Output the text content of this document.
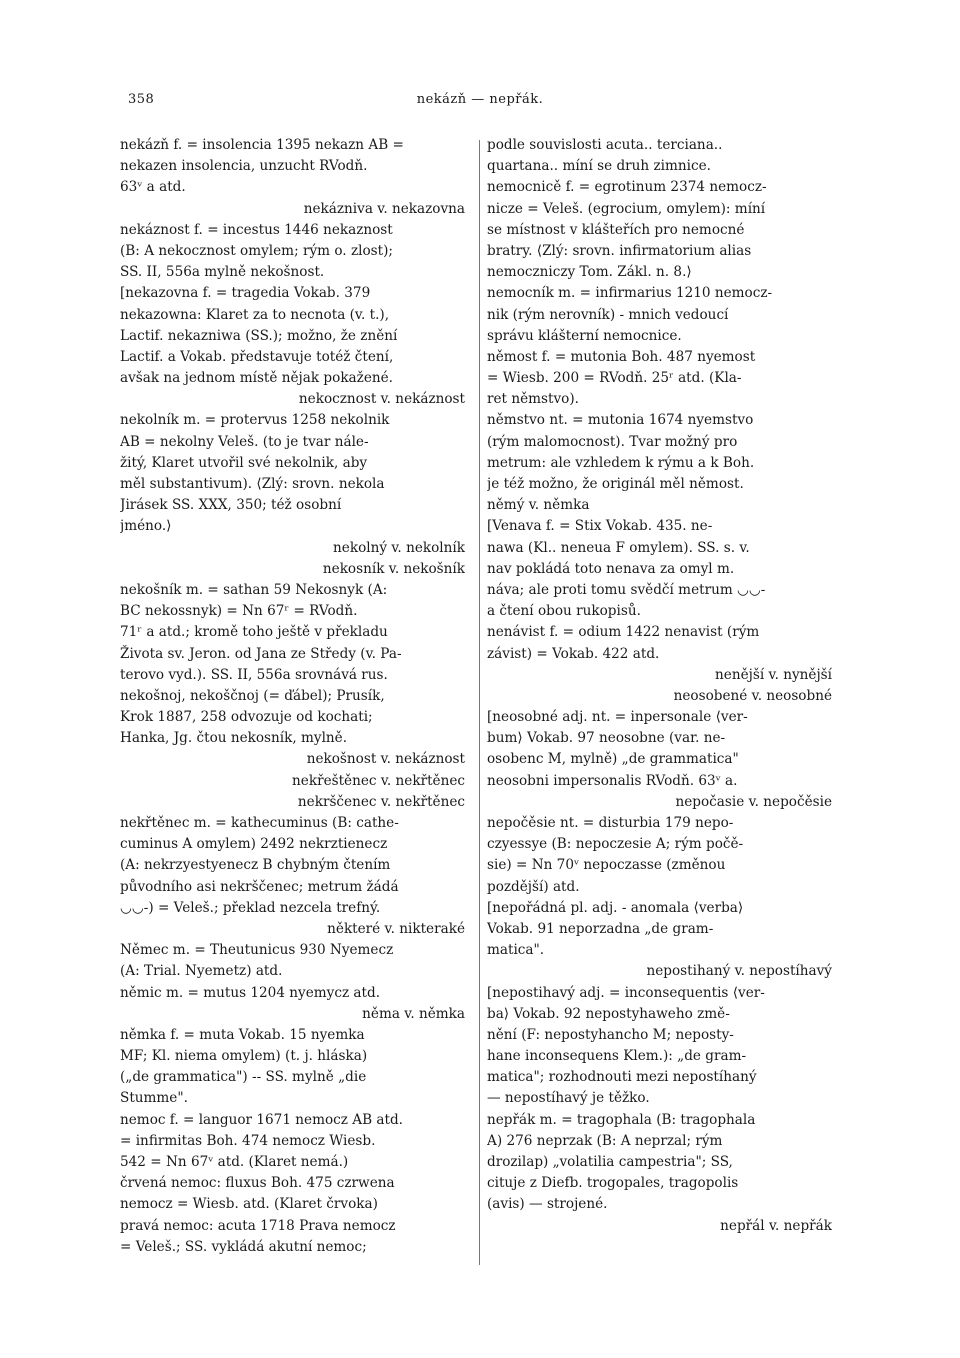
358	nekázň — nepřák.
nekázň f. = insolencia 1395 nekazn AB =
nekazen insolencia, unzucht RVodň.
63ᵛ a atd.
nekázniva v. nekazovna
nekáznost f. = incestus 1446 nekaznost
(B: A nekocznost omylem; rým o. zlost);
SS. II, 556a mylně nekošnost.
[nekazovna f. = tragedia Vokab. 379
nekazowna: Klaret za to necnota (v. t.),
Lactif. nekazniwa (SS.); možno, že znění
Lactif. a Vokab. představuje totéž čtení,
avšak na jednom místě nějak pokažené.
nekocznost v. nekáznost
nekolník m. = protervus 1258 nekolnik
AB = nekolny Veleš. (to je tvar nále-
žitý, Klaret utvořil své nekolnik, aby
měl substantivum). ⟨Zlý: srovn. nekola
Jirásek SS. XXX, 350; též osobní
jméno.⟩
nekolný v. nekolník
nekosník v. nekošník
nekošník m. = sathan 59 Nekosnyk (A:
BC nekossnyk) = Nn 67ʳ = RVodň.
71ʳ a atd.; kromě toho ještě v překladu
Života sv. Jeron. od Jana ze Středy (v. Pa-
terovo vyd.). SS. II, 556a srovnává rus.
nekošnoj, nekoščnoj (= ďábel); Prusík,
Krok 1887, 258 odvozuje od kochati;
Hanka, Jg. čtou nekosník, mylně.
nekošnost v. nekáznost
nekřeštěnec v. nekřtěnec
nekrščenec v. nekřtěnec
nekřtěnec m. = kathecuminus (B: cathe-
cuminus A omylem) 2492 nekrztienecz
(A: nekrzyestyenecz B chybným čtením
původního asi nekrščenec; metrum žádá
◡◡-) = Veleš.; překlad nezcela trefný.
některé v. nikteraké
Němec m. = Theutunicus 930 Nyemecz
(A: Trial. Nyemetz) atd.
němic m. = mutus 1204 nyemycz atd.
něma v. němka
němka f. = muta Vokab. 15 nyemka
MF; Kl. niema omylem) (t. j. hláska)
(„de grammatica") -- SS. mylně „die
Stumme".
nemoc f. = languor 1671 nemocz AB atd.
= infirmitas Boh. 474 nemocz Wiesb.
542 = Nn 67ᵛ atd. (Klaret nemá.)
črvená nemoc: fluxus Boh. 475 czrwena
nemocz = Wiesb. atd. (Klaret črvoka)
pravá nemoc: acuta 1718 Prava nemocz
= Veleš.; SS. vykládá akutní nemoc;
podle souvislosti acuta.. terciana..
quartana.. míní se druh zimnice.
nemocnicě f. = egrotinum 2374 nemocz-
nicze = Veleš. (egrocium, omylem): míní
se místnost v klášteřích pro nemocné
bratry. ⟨Zlý: srovn. infirmatorium alias
nemoczniczy Tom. Zákl. n. 8.⟩
nemocník m. = infirmarius 1210 nemocz-
nik (rým nerovník) - mnich vedoucí
správu klášterní nemocnice.
němost f. = mutonia Boh. 487 nyemost
= Wiesb. 200 = RVodň. 25ʳ atd. (Kla-
ret němstvo).
němstvo nt. = mutonia 1674 nyemstvo
(rým malomocnost). Tvar možný pro
metrum: ale vzhledem k rýmu a k Boh.
je též možno, že originál měl němost.
němý v. němka
[Venava f. = Stix Vokab. 435. ne-
nawa (Kl.. neneua F omylem). SS. s. v.
nav pokládá toto nenava za omyl m.
náva; ale proti tomu svědčí metrum ◡◡-
a čtení obou rukopisů.
nenávist f. = odium 1422 nenavist (rým
závist) = Vokab. 422 atd.
nenější v. nynější
neosobené v. neosobné
[neosobné adj. nt. = inpersonale ⟨ver-
bum⟩ Vokab. 97 neosobne (var. ne-
osobenc M, mylně) „de grammatica"
neosobni impersonalis RVodň. 63ᵛ a.
nepočasie v. nepočěsie
nepočěsie nt. = disturbia 179 nepo-
czyessye (B: nepoczesie A; rým počě-
sie) = Nn 70ᵛ nepoczasse (změnou
pozdější) atd.
[nepořádná pl. adj. - anomala ⟨verba⟩
Vokab. 91 neporzadna „de gram-
matica".
nepostihaný v. nepostíhavý
[nepostihavý adj. = inconsequentis ⟨ver-
ba⟩ Vokab. 92 nepostyhaweho změ-
nění (F: nepostyhancho M; neposty-
hane inconsequens Klem.): „de gram-
matica"; rozhodnouti mezi nepostíhaný
— nepostíhavý je těžko.
nepřák m. = tragophala (B: tragophala
A) 276 neprzak (B: A neprzal; rým
drozilap) „volatilia campestria"; SS,
cituje z Diefb. trogopales, tragopolis
(avis) — strojené.
nepřál v. nepřák
